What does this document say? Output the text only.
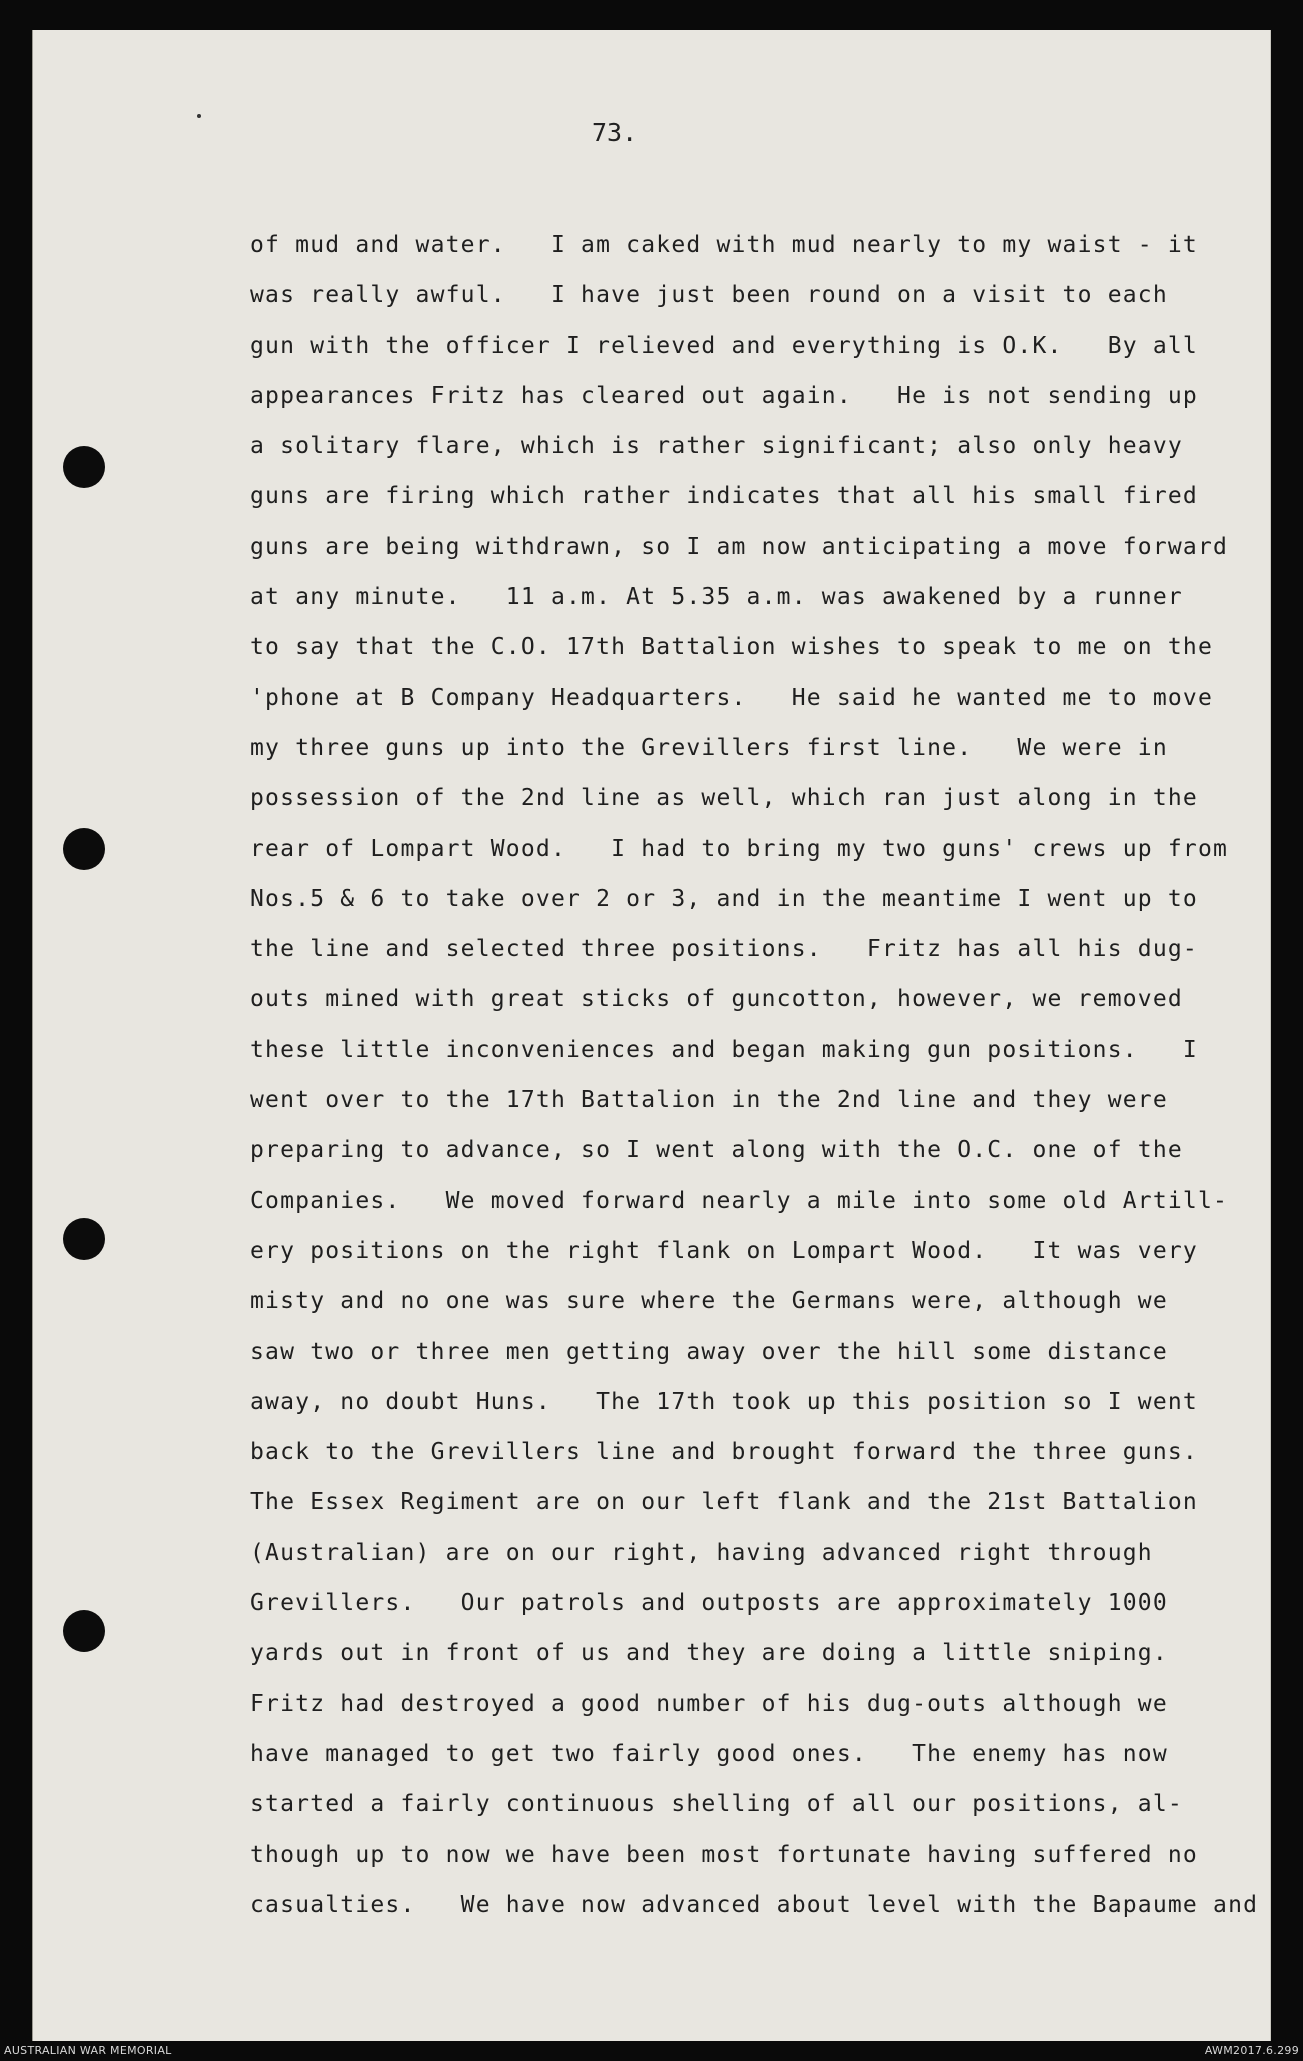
73.
of mud and water.   I am caked with mud nearly to my waist - it
was really awful.   I have just been round on a visit to each
gun with the officer I relieved and everything is O.K.   By all
appearances Fritz has cleared out again.   He is not sending up
a solitary flare, which is rather significant; also only heavy
guns are firing which rather indicates that all his small fired
guns are being withdrawn, so I am now anticipating a move forward
at any minute.   11 a.m. At 5.35 a.m. was awakened by a runner
to say that the C.O. 17th Battalion wishes to speak to me on the
'phone at B Company Headquarters.   He said he wanted me to move
my three guns up into the Grevillers first line.   We were in
possession of the 2nd line as well, which ran just along in the
rear of Lompart Wood.   I had to bring my two guns' crews up from
Nos.5 & 6 to take over 2 or 3, and in the meantime I went up to
the line and selected three positions.   Fritz has all his dug-
outs mined with great sticks of guncotton, however, we removed
these little inconveniences and began making gun positions.   I
went over to the 17th Battalion in the 2nd line and they were
preparing to advance, so I went along with the O.C. one of the
Companies.   We moved forward nearly a mile into some old Artill-
ery positions on the right flank on Lompart Wood.   It was very
misty and no one was sure where the Germans were, although we
saw two or three men getting away over the hill some distance
away, no doubt Huns.   The 17th took up this position so I went
back to the Grevillers line and brought forward the three guns.
The Essex Regiment are on our left flank and the 21st Battalion
(Australian) are on our right, having advanced right through
Grevillers.   Our patrols and outposts are approximately 1000
yards out in front of us and they are doing a little sniping.
Fritz had destroyed a good number of his dug-outs although we
have managed to get two fairly good ones.   The enemy has now
started a fairly continuous shelling of all our positions, al-
though up to now we have been most fortunate having suffered no
casualties.   We have now advanced about level with the Bapaume and
AUSTRALIAN WAR MEMORIAL	AWM2017.6.299
